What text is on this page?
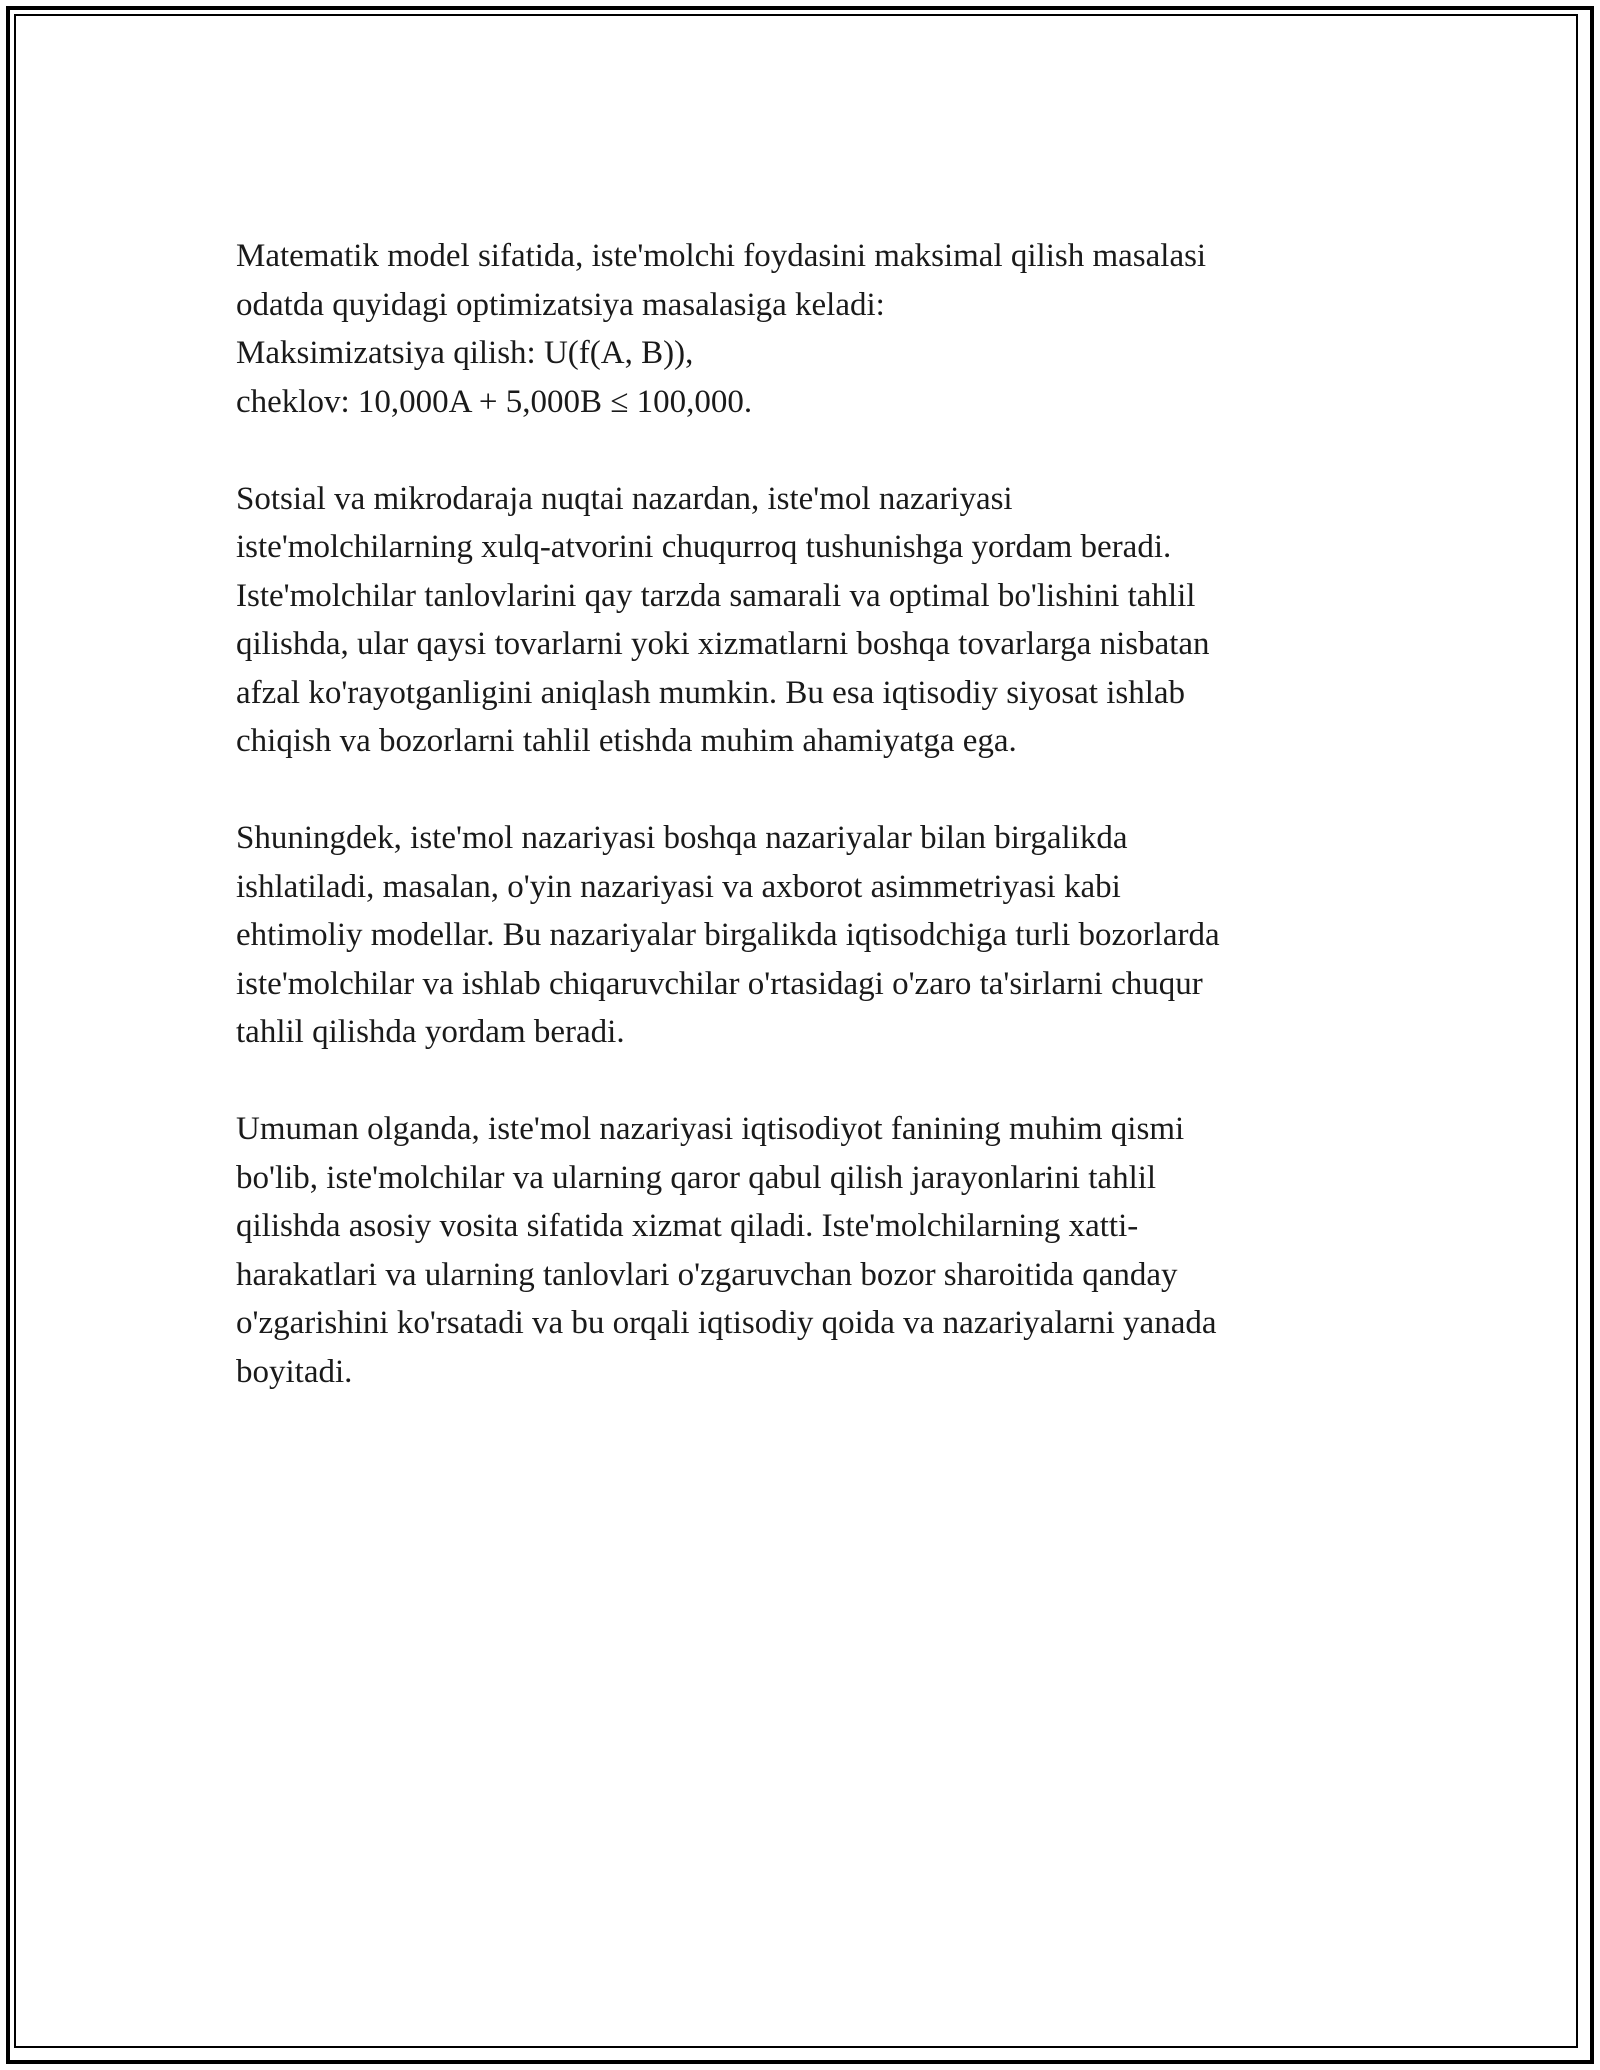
Matematik model sifatida, iste'molchi foydasini maksimal qilish masalasi
odatda quyidagi optimizatsiya masalasiga keladi:
Maksimizatsiya qilish: U(f(A, B)),
cheklov: 10,000A + 5,000B ≤ 100,000.

Sotsial va mikrodaraja nuqtai nazardan, iste'mol nazariyasi
iste'molchilarning xulq-atvorini chuqurroq tushunishga yordam beradi.
Iste'molchilar tanlovlarini qay tarzda samarali va optimal bo'lishini tahlil
qilishda, ular qaysi tovarlarni yoki xizmatlarni boshqa tovarlarga nisbatan
afzal ko'rayotganligini aniqlash mumkin. Bu esa iqtisodiy siyosat ishlab
chiqish va bozorlarni tahlil etishda muhim ahamiyatga ega.

Shuningdek, iste'mol nazariyasi boshqa nazariyalar bilan birgalikda
ishlatiladi, masalan, o'yin nazariyasi va axborot asimmetriyasi kabi
ehtimoliy modellar. Bu nazariyalar birgalikda iqtisodchiga turli bozorlarda
iste'molchilar va ishlab chiqaruvchilar o'rtasidagi o'zaro ta'sirlarni chuqur
tahlil qilishda yordam beradi.

Umuman olganda, iste'mol nazariyasi iqtisodiyot fanining muhim qismi
bo'lib, iste'molchilar va ularning qaror qabul qilish jarayonlarini tahlil
qilishda asosiy vosita sifatida xizmat qiladi. Iste'molchilarning xatti-
harakatlari va ularning tanlovlari o'zgaruvchan bozor sharoitida qanday
o'zgarishini ko'rsatadi va bu orqali iqtisodiy qoida va nazariyalarni yanada
boyitadi.
